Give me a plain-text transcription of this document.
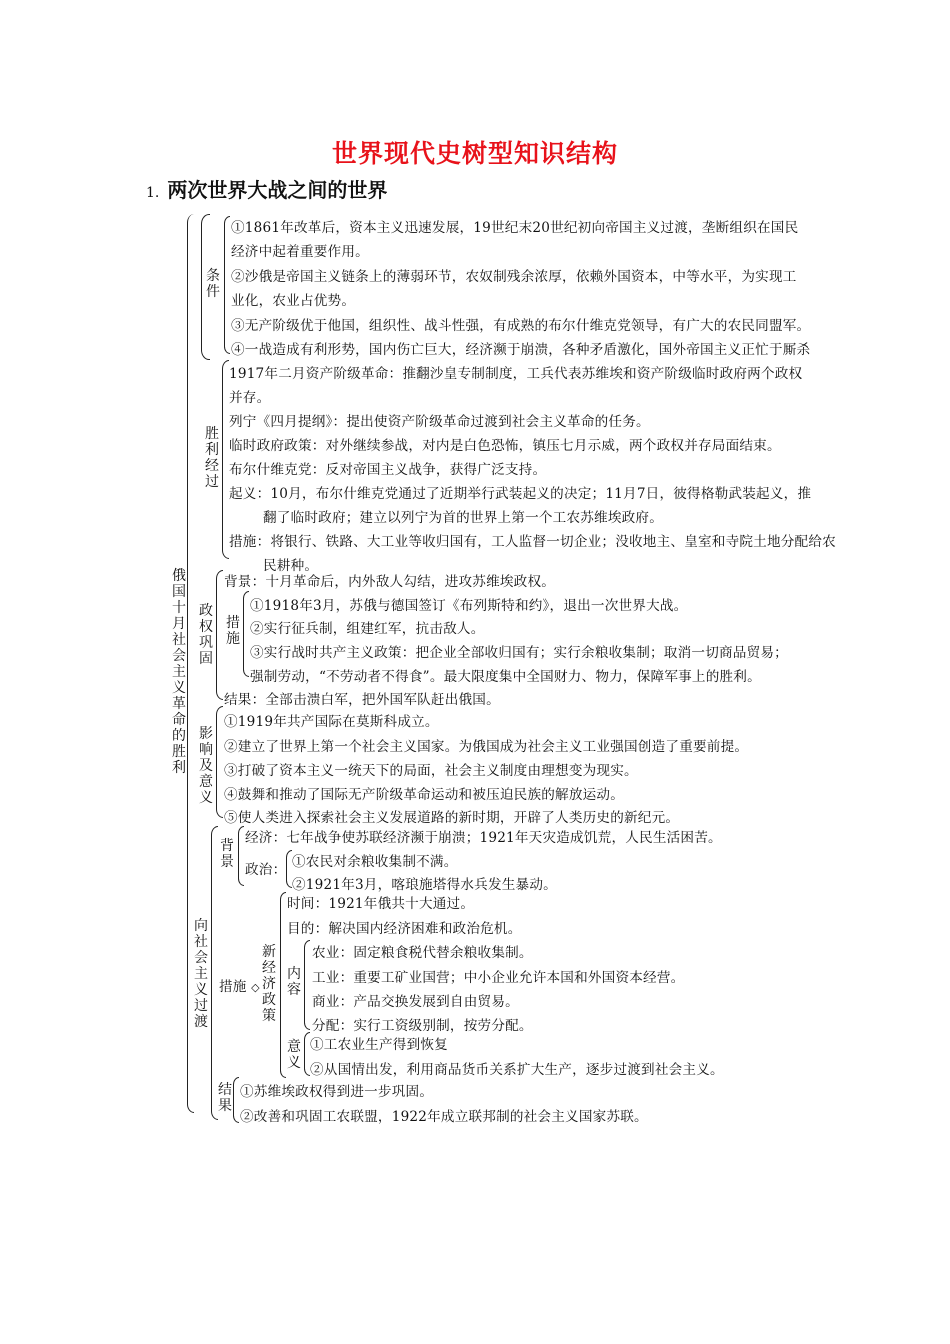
世界现代史树型知识结构
1. 两次世界大战之间的世界
俄国十月社会主义革命的胜利
条件
①1861年改革后，资本主义迅速发展，19世纪末20世纪初向帝国主义过渡，垄断组织在国民
经济中起着重要作用。
②沙俄是帝国主义链条上的薄弱环节，农奴制残余浓厚，依赖外国资本，中等水平，为实现工
业化，农业占优势。
③无产阶级优于他国，组织性、战斗性强，有成熟的布尔什维克党领导，有广大的农民同盟军。
④一战造成有利形势，国内伤亡巨大，经济濒于崩溃，各种矛盾激化，国外帝国主义正忙于厮杀
胜利经过
1917年二月资产阶级革命：推翻沙皇专制制度，工兵代表苏维埃和资产阶级临时政府两个政权
并存。
列宁《四月提纲》：提出使资产阶级革命过渡到社会主义革命的任务。
临时政府政策：对外继续参战，对内是白色恐怖，镇压七月示威，两个政权并存局面结束。
布尔什维克党：反对帝国主义战争，获得广泛支持。
起义：10月，布尔什维克党通过了近期举行武装起义的决定；11月7日，彼得格勒武装起义，推
翻了临时政府；建立以列宁为首的世界上第一个工农苏维埃政府。
措施：将银行、铁路、大工业等收归国有，工人监督一切企业；没收地主、皇室和寺院土地分配给农
民耕种。
政权巩固
背景：十月革命后，内外敌人勾结，进攻苏维埃政权。
措施
①1918年3月，苏俄与德国签订《布列斯特和约》，退出一次世界大战。
②实行征兵制，组建红军，抗击敌人。
③实行战时共产主义政策：把企业全部收归国有；实行余粮收集制；取消一切商品贸易；
强制劳动，“不劳动者不得食”。最大限度集中全国财力、物力，保障军事上的胜利。
结果：全部击溃白军，把外国军队赶出俄国。
影响及意义
①1919年共产国际在莫斯科成立。
②建立了世界上第一个社会主义国家。为俄国成为社会主义工业强国创造了重要前提。
③打破了资本主义一统天下的局面，社会主义制度由理想变为现实。
④鼓舞和推动了国际无产阶级革命运动和被压迫民族的解放运动。
⑤使人类进入探索社会主义发展道路的新时期，开辟了人类历史的新纪元。
向社会主义过渡
背景
经济：七年战争使苏联经济濒于崩溃；1921年天灾造成饥荒，人民生活困苦。
政治： ①农民对余粮收集制不满。
②1921年3月，喀琅施塔得水兵发生暴动。
措施 ◇
新经济政策
时间：1921年俄共十大通过。
目的：解决国内经济困难和政治危机。
内容
农业：固定粮食税代替余粮收集制。
工业：重要工矿业国营；中小企业允许本国和外国资本经营。
商业：产品交换发展到自由贸易。
分配：实行工资级别制，按劳分配。
意义
①工农业生产得到恢复
②从国情出发，利用商品货币关系扩大生产，逐步过渡到社会主义。
结果
①苏维埃政权得到进一步巩固。
②改善和巩固工农联盟，1922年成立联邦制的社会主义国家苏联。
